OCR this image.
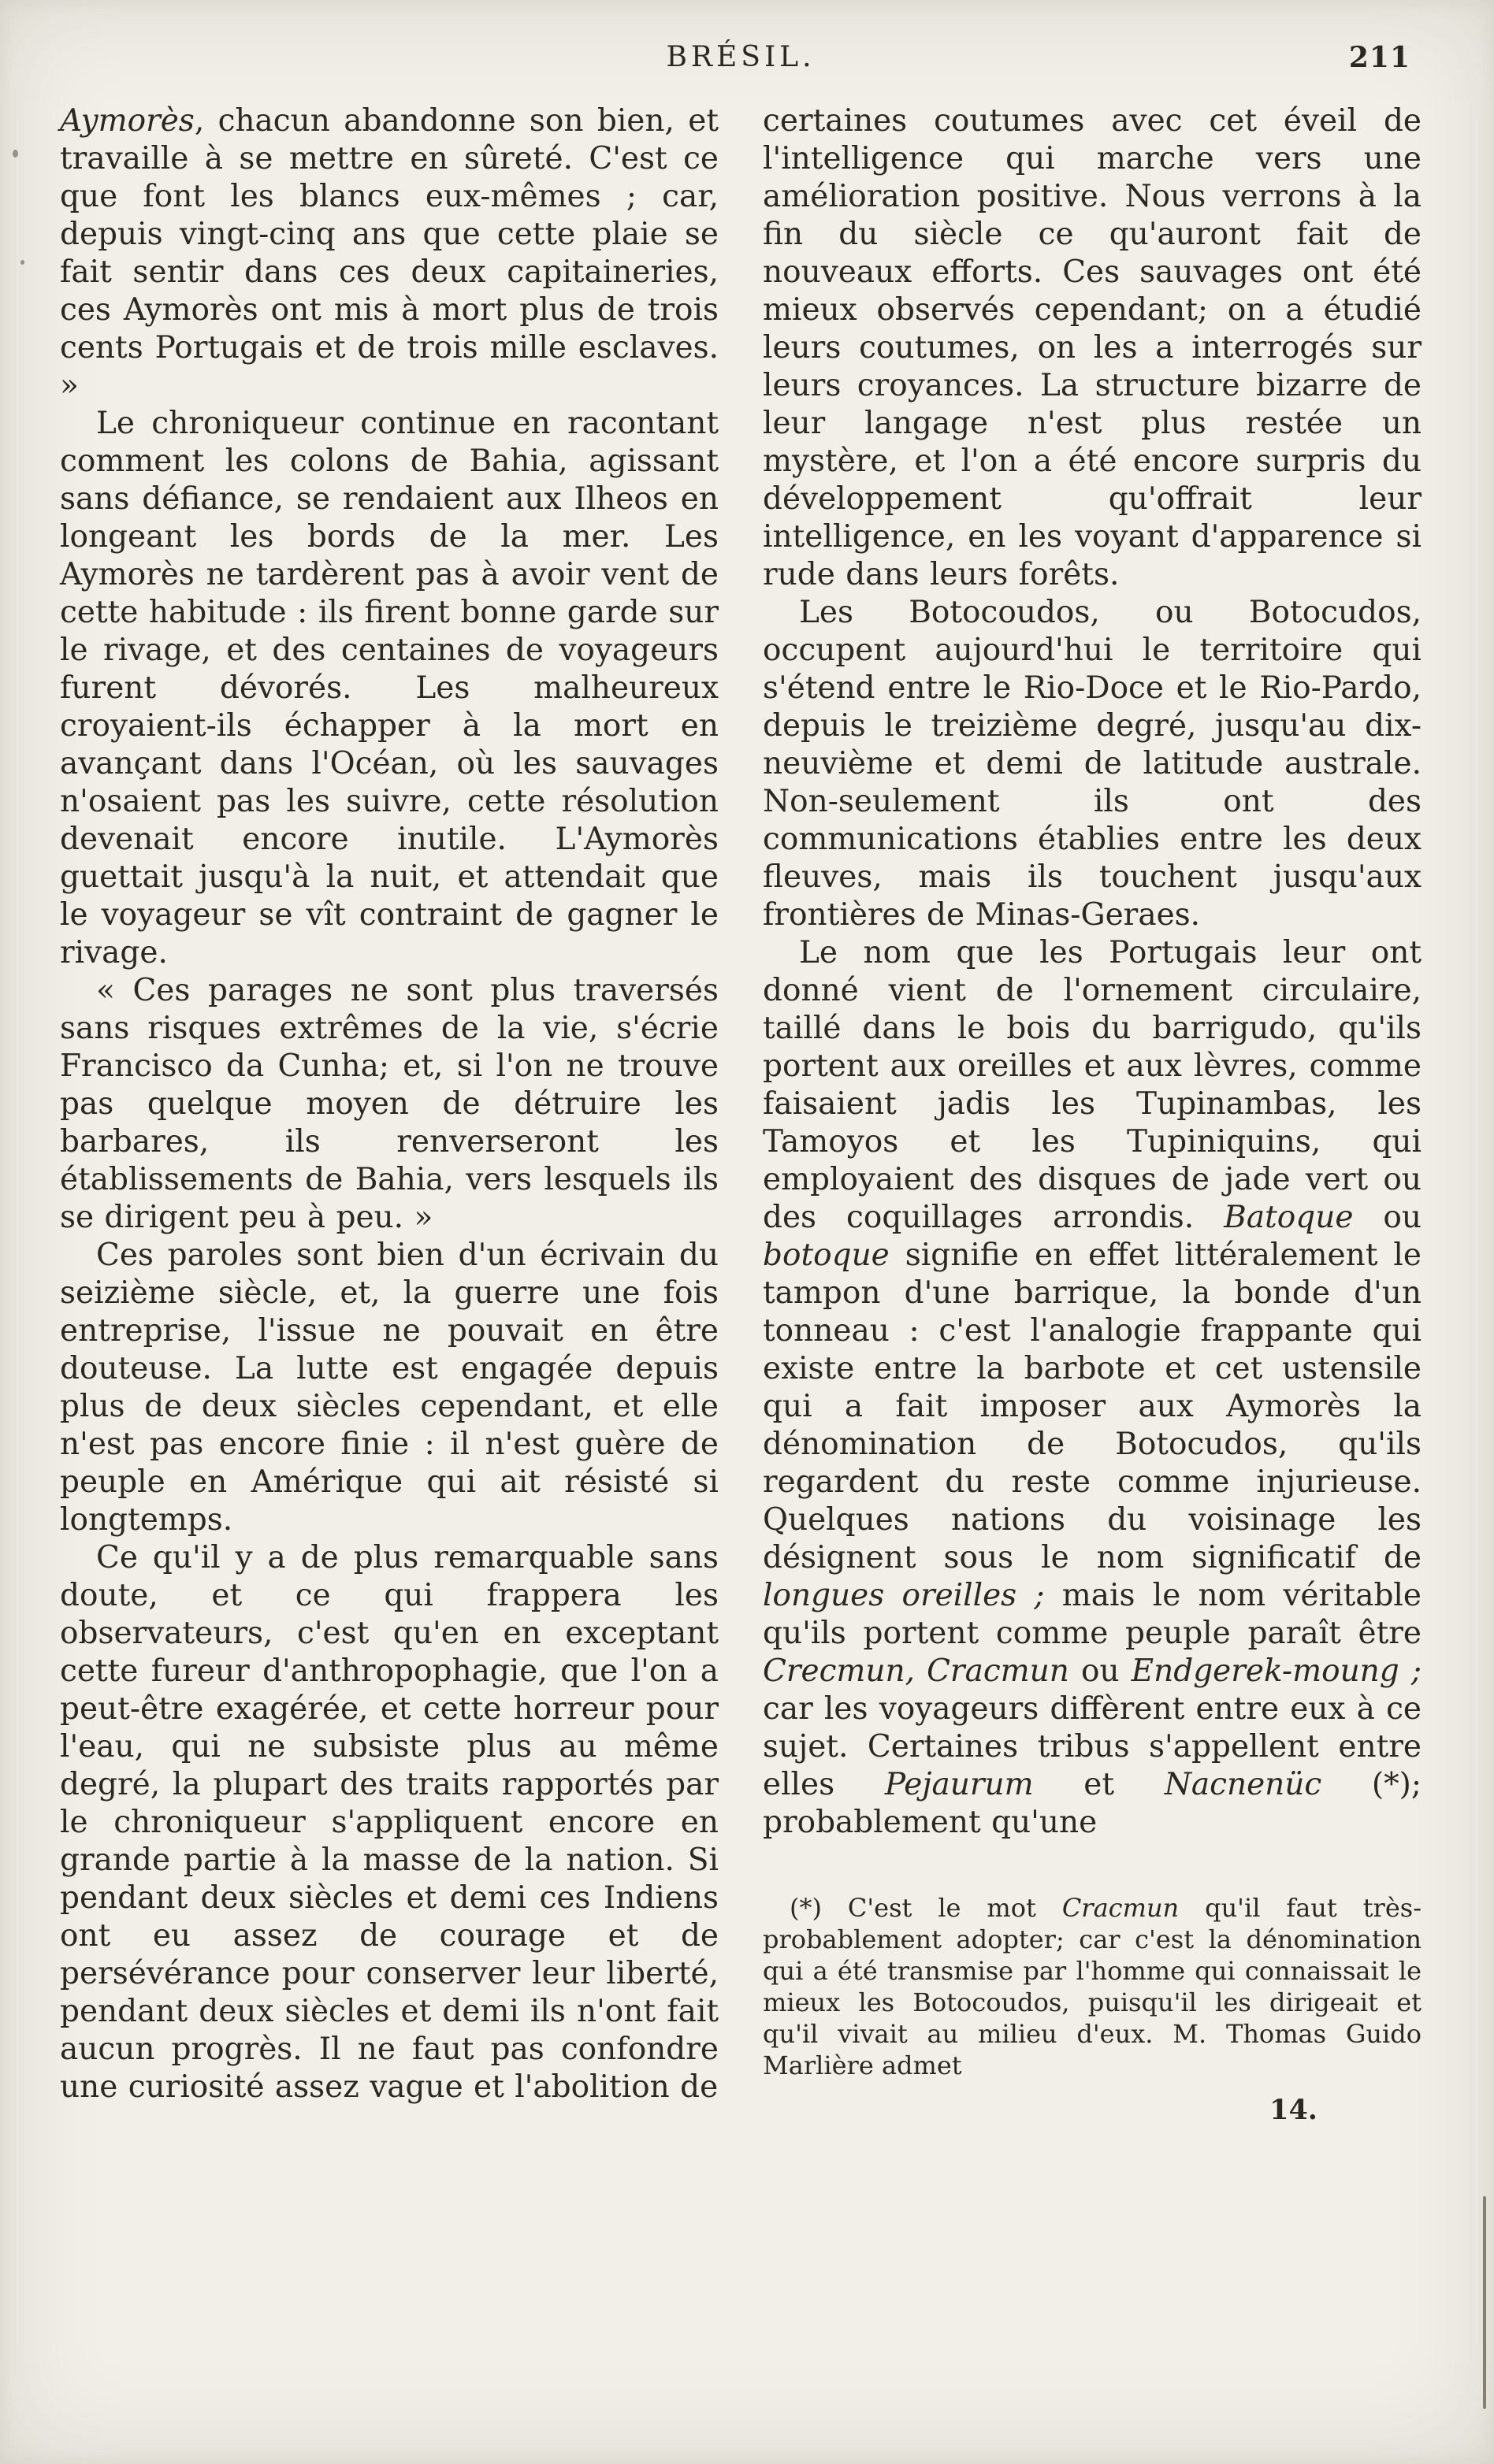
BRÉSIL.	211

Aymorès, chacun abandonne son bien, et travaille à se mettre en sûreté. C'est ce que font les blancs eux-mêmes ; car, depuis vingt-cinq ans que cette plaie se fait sentir dans ces deux capitaineries, ces Aymorès ont mis à mort plus de trois cents Portugais et de trois mille esclaves. »

Le chroniqueur continue en racontant comment les colons de Bahia, agissant sans défiance, se rendaient aux Ilheos en longeant les bords de la mer. Les Aymorès ne tardèrent pas à avoir vent de cette habitude : ils firent bonne garde sur le rivage, et des centaines de voyageurs furent dévorés. Les malheureux croyaient-ils échapper à la mort en avançant dans l'Océan, où les sauvages n'osaient pas les suivre, cette résolution devenait encore inutile. L'Aymorès guettait jusqu'à la nuit, et attendait que le voyageur se vît contraint de gagner le rivage.

« Ces parages ne sont plus traversés sans risques extrêmes de la vie, s'écrie Francisco da Cunha; et, si l'on ne trouve pas quelque moyen de détruire les barbares, ils renverseront les établissements de Bahia, vers lesquels ils se dirigent peu à peu. »

Ces paroles sont bien d'un écrivain du seizième siècle, et, la guerre une fois entreprise, l'issue ne pouvait en être douteuse. La lutte est engagée depuis plus de deux siècles cependant, et elle n'est pas encore finie : il n'est guère de peuple en Amérique qui ait résisté si longtemps.

Ce qu'il y a de plus remarquable sans doute, et ce qui frappera les observateurs, c'est qu'en en exceptant cette fureur d'anthropophagie, que l'on a peut-être exagérée, et cette horreur pour l'eau, qui ne subsiste plus au même degré, la plupart des traits rapportés par le chroniqueur s'appliquent encore en grande partie à la masse de la nation. Si pendant deux siècles et demi ces Indiens ont eu assez de courage et de persévérance pour conserver leur liberté, pendant deux siècles et demi ils n'ont fait aucun progrès. Il ne faut pas confondre une curiosité assez vague et l'abolition de

certaines coutumes avec cet éveil de l'intelligence qui marche vers une amélioration positive. Nous verrons à la fin du siècle ce qu'auront fait de nouveaux efforts. Ces sauvages ont été mieux observés cependant; on a étudié leurs coutumes, on les a interrogés sur leurs croyances. La structure bizarre de leur langage n'est plus restée un mystère, et l'on a été encore surpris du développement qu'offrait leur intelligence, en les voyant d'apparence si rude dans leurs forêts.

Les Botocoudos, ou Botocudos, occupent aujourd'hui le territoire qui s'étend entre le Rio-Doce et le Rio-Pardo, depuis le treizième degré, jusqu'au dix-neuvième et demi de latitude australe. Non-seulement ils ont des communications établies entre les deux fleuves, mais ils touchent jusqu'aux frontières de Minas-Geraes.

Le nom que les Portugais leur ont donné vient de l'ornement circulaire, taillé dans le bois du barrigudo, qu'ils portent aux oreilles et aux lèvres, comme faisaient jadis les Tupinambas, les Tamoyos et les Tupiniquins, qui employaient des disques de jade vert ou des coquillages arrondis. Batoque ou botoque signifie en effet littéralement le tampon d'une barrique, la bonde d'un tonneau : c'est l'analogie frappante qui existe entre la barbote et cet ustensile qui a fait imposer aux Aymorès la dénomination de Botocudos, qu'ils regardent du reste comme injurieuse. Quelques nations du voisinage les désignent sous le nom significatif de longues oreilles ; mais le nom véritable qu'ils portent comme peuple paraît être Crecmun, Cracmun ou Endgerek-moung ; car les voyageurs diffèrent entre eux à ce sujet. Certaines tribus s'appellent entre elles Pejaurum et Nacnenüc (*); probablement qu'une

(*) C'est le mot Cracmun qu'il faut très-probablement adopter; car c'est la dénomination qui a été transmise par l'homme qui connaissait le mieux les Botocoudos, puisqu'il les dirigeait et qu'il vivait au milieu d'eux. M. Thomas Guido Marlière admet

14.
